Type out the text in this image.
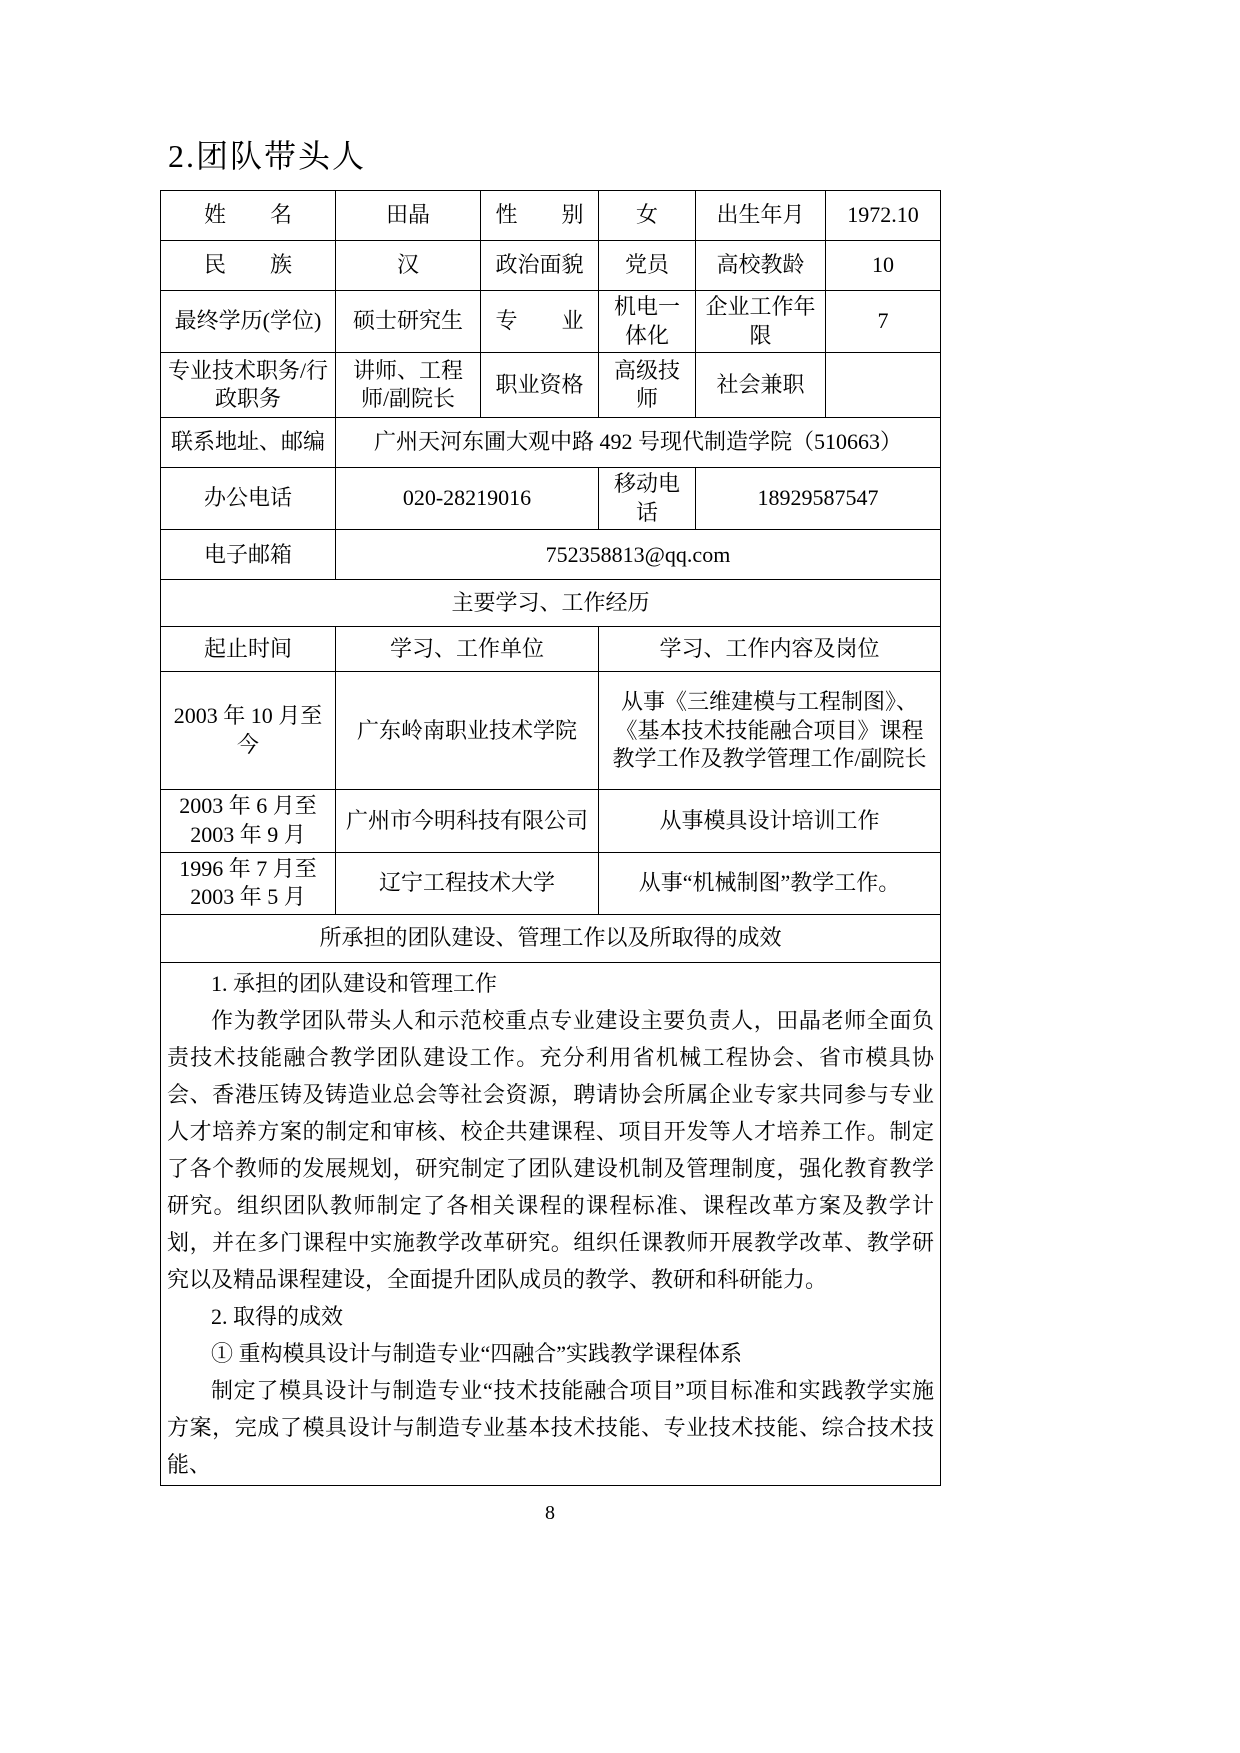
2.团队带头人
姓　　名	田晶	性　　别	女	出生年月	1972.10
民　　族	汉	政治面貌	党员	高校教龄	10
最终学历(学位)	硕士研究生	专　　业	机电一体化	企业工作年限	7
专业技术职务/行政职务	讲师、工程师/副院长	职业资格	高级技师	社会兼职	
联系地址、邮编	广州天河东圃大观中路 492 号现代制造学院（510663）				
办公电话	020-28219016		移动电话	18929587547	
电子邮箱	752358813@qq.com				
主要学习、工作经历					
起止时间	学习、工作单位		学习、工作内容及岗位		
2003 年 10 月至今	广东岭南职业技术学院		从事《三维建模与工程制图》、《基本技术技能融合项目》课程教学工作及教学管理工作/副院长		
2003 年 6 月至 2003 年 9 月	广州市今明科技有限公司		从事模具设计培训工作		
1996 年 7 月至 2003 年 5 月	辽宁工程技术大学		从事“机械制图”教学工作。		
所承担的团队建设、管理工作以及所取得的成效					

1. 承担的团队建设和管理工作

作为教学团队带头人和示范校重点专业建设主要负责人，田晶老师全面负责技术技能融合教学团队建设工作。充分利用省机械工程协会、省市模具协会、香港压铸及铸造业总会等社会资源，聘请协会所属企业专家共同参与专业人才培养方案的制定和审核、校企共建课程、项目开发等人才培养工作。制定了各个教师的发展规划，研究制定了团队建设机制及管理制度，强化教育教学研究。组织团队教师制定了各相关课程的课程标准、课程改革方案及教学计划，并在多门课程中实施教学改革研究。组织任课教师开展教学改革、教学研究以及精品课程建设，全面提升团队成员的教学、教研和科研能力。

2. 取得的成效

① 重构模具设计与制造专业“四融合”实践教学课程体系

制定了模具设计与制造专业“技术技能融合项目”项目标准和实践教学实施方案，完成了模具设计与制造专业基本技术技能、专业技术技能、综合技术技能、					

8
